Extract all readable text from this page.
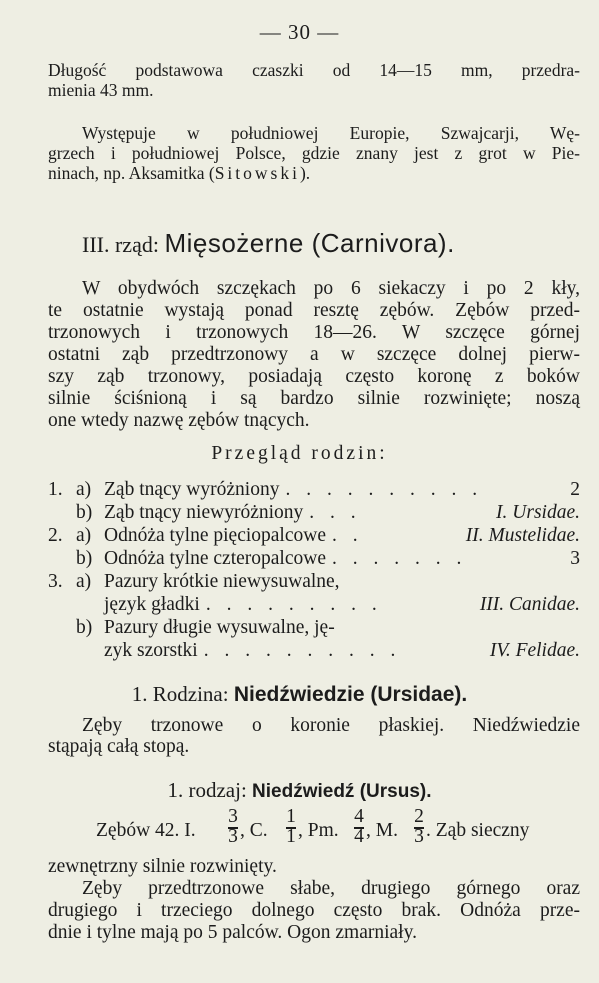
— 30 —

Długość podstawowa czaszki od 14—15 mm, przedra-

mienia 43 mm.

Występuje w południowej Europie, Szwajcarji, Wę-

grzech i południowej Polsce, gdzie znany jest z grot w Pie-

ninach, np. Aksamitka (Sitowski).

III. rząd: Mięsożerne (Carnivora).

W obydwóch szczękach po 6 siekaczy i po 2 kły,

te ostatnie wystają ponad resztę zębów. Zębów przed-

trzonowych i trzonowych 18—26. W szczęce górnej

ostatni ząb przedtrzonowy a w szczęce dolnej pierw-

szy ząb trzonowy, posiadają często koronę z boków

silnie ściśnioną i są bardzo silnie rozwinięte; noszą

one wtedy nazwę zębów tnących.

Przegląd rodzin:
1. a) Ząb tnący wyróżniony . . . . . . . . . .	2
b) Ząb tnący niewyróżniony . . .	I. Ursidae.
2. a) Odnóża tylne pięciopalcowe . .	II. Mustelidae.
b) Odnóża tylne czteropalcowe . . . . . . .	3
3. a) Pazury krótkie niewysuwalne,
język gładki . . . . . . . . .	III. Canidae.
b) Pazury długie wysuwalne, ję-
zyk szorstki . . . . . . . . . .	IV. Felidae.
1. Rodzina: Niedźwiedzie (Ursidae).

Zęby trzonowe o koronie płaskiej. Niedźwiedzie

stąpają całą stopą.

1. rodzaj: Niedźwiedź (Ursus).
Zębów 42. I.
3
3 , C.
1
1 , Pm.
4
4 , M.
2
3 . Ząb sieczny

zewnętrzny silnie rozwinięty.

Zęby przedtrzonowe słabe, drugiego górnego oraz

drugiego i trzeciego dolnego często brak. Odnóża prze-

dnie i tylne mają po 5 palców. Ogon zmarniały.
